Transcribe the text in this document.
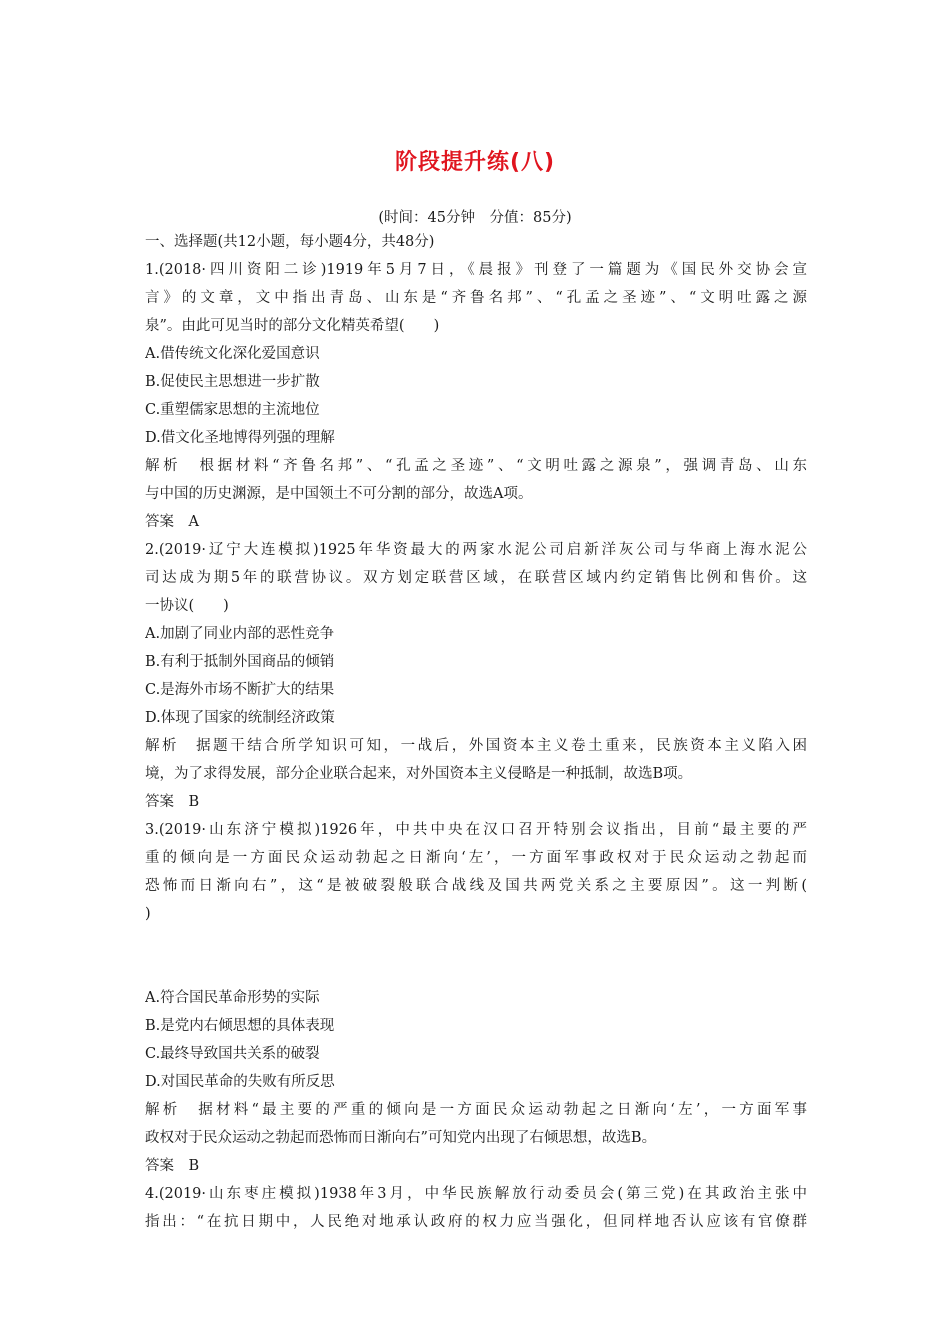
阶段提升练(八)
(时间：45分钟　分值：85分)
一、选择题(共12小题，每小题4分，共48分)
1.(2018·四川资阳二诊)1919年5月7日，《晨报》刊登了一篇题为《国民外交协会宣
言》的文章，文中指出青岛、山东是“齐鲁名邦”、“孔孟之圣迹”、“文明吐露之源
泉”。由此可见当时的部分文化精英希望(　　)
A.借传统文化深化爱国意识
B.促使民主思想进一步扩散
C.重塑儒家思想的主流地位
D.借文化圣地博得列强的理解
解析　根据材料“齐鲁名邦”、“孔孟之圣迹”、“文明吐露之源泉”，强调青岛、山东
与中国的历史渊源，是中国领土不可分割的部分，故选A项。
答案　A
2.(2019·辽宁大连模拟)1925年华资最大的两家水泥公司启新洋灰公司与华商上海水泥公
司达成为期5年的联营协议。双方划定联营区域，在联营区域内约定销售比例和售价。这
一协议(　　)
A.加剧了同业内部的恶性竞争
B.有利于抵制外国商品的倾销
C.是海外市场不断扩大的结果
D.体现了国家的统制经济政策
解析　据题干结合所学知识可知，一战后，外国资本主义卷土重来，民族资本主义陷入困
境，为了求得发展，部分企业联合起来，对外国资本主义侵略是一种抵制，故选B项。
答案　B
3.(2019·山东济宁模拟)1926年，中共中央在汉口召开特别会议指出，目前“最主要的严
重的倾向是一方面民众运动勃起之日渐向‘左’，一方面军事政权对于民众运动之勃起而
恐怖而日渐向右”，这“是被破裂般联合战线及国共两党关系之主要原因”。这一判断(
)
A.符合国民革命形势的实际
B.是党内右倾思想的具体表现
C.最终导致国共关系的破裂
D.对国民革命的失败有所反思
解析　据材料“最主要的严重的倾向是一方面民众运动勃起之日渐向‘左’，一方面军事
政权对于民众运动之勃起而恐怖而日渐向右”可知党内出现了右倾思想，故选B。
答案　B
4.(2019·山东枣庄模拟)1938年3月，中华民族解放行动委员会(第三党)在其政治主张中
指出：“在抗日期中，人民绝对地承认政府的权力应当强化，但同样地否认应该有官僚群
